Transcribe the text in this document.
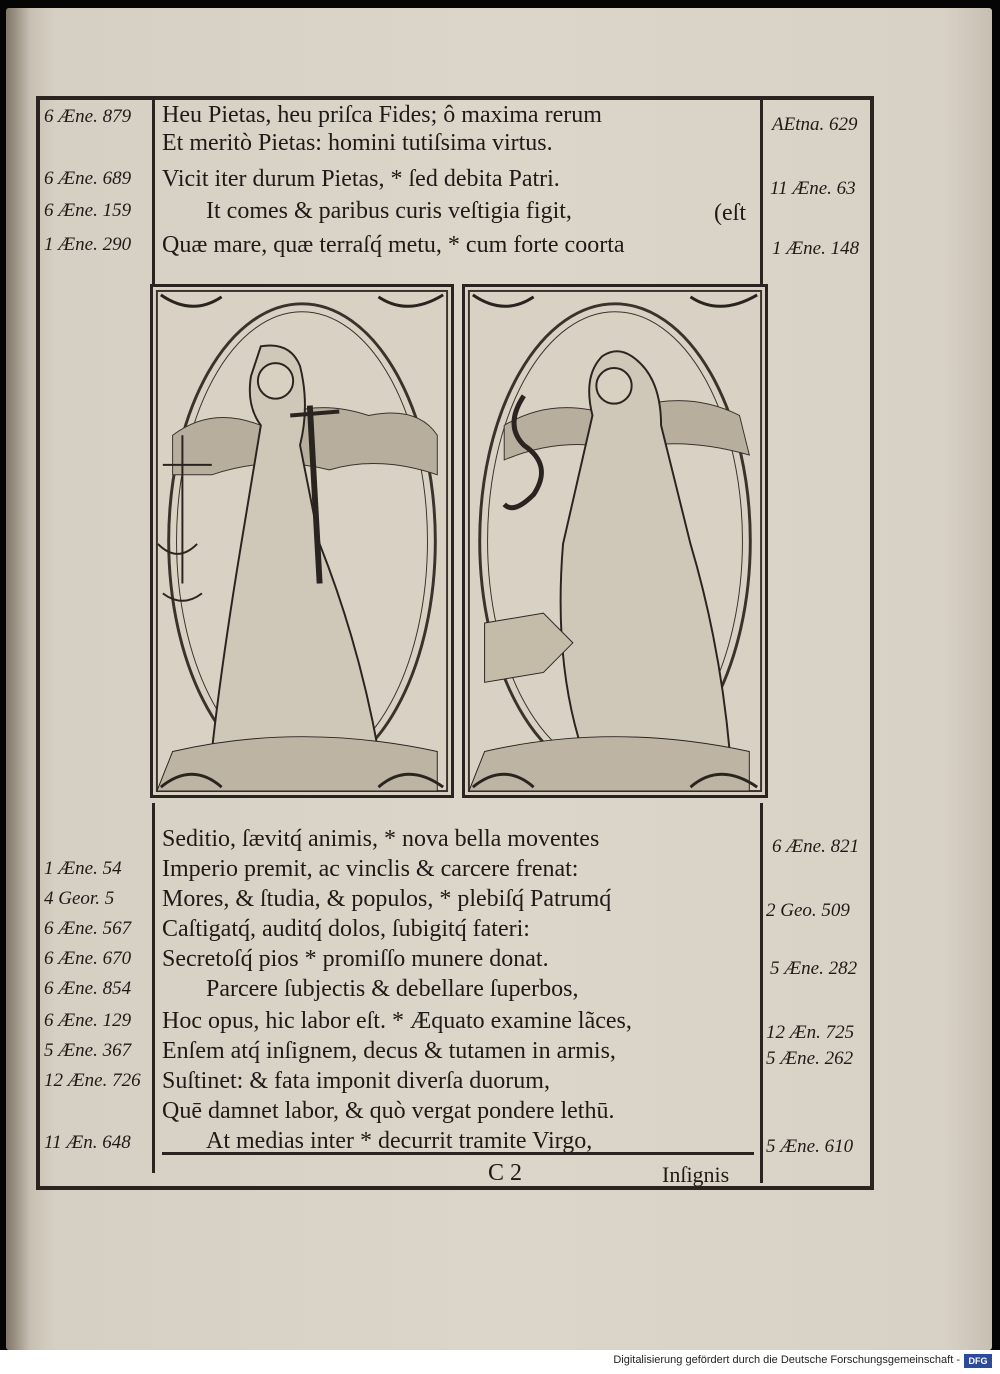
Heu Pietas, heu priſca Fides; ô maxima rerum
Et meritò Pietas: homini tutiſsima virtus.
Vicit iter durum Pietas, * ſed debita Patri.
It comes & paribus curis veſtigia figit,	(eſt
Quæ mare, quæ terraſq́ metu, * cum forte coorta
6 Æne. 879
6 Æne. 689
6 Æne. 159
1 Æne. 290
AEtna. 629
11 Æne. 63
1 Æne. 148
Seditio, ſævitq́ animis, * nova bella moventes
Imperio premit, ac vinclis & carcere frenat:
Mores, & ſtudia, & populos, * plebiſq́ Patrumq́
Caſtigatq́, auditq́ dolos, ſubigitq́ fateri:
Secretoſq́ pios * promiſſo munere donat.
Parcere ſubjectis & debellare ſuperbos,
Hoc opus, hic labor eſt. * Æquato examine lãces,
Enſem atq́ inſignem, decus & tutamen in armis,
Suſtinet: & fata imponit diverſa duorum,
Quē damnet labor, & quò vergat pondere lethū.
At medias inter * decurrit tramite Virgo,
1 Æne. 54
4 Geor. 5
6 Æne. 567
6 Æne. 670
6 Æne. 854
6 Æne. 129
5 Æne. 367
12 Æne. 726
11 Æn. 648
6 Æne. 821
2 Geo. 509
5 Æne. 282
12 Æn. 725
5 Æne. 262
5 Æne. 610
C 2	Inſignis
Digitalisierung gefördert durch die Deutsche Forschungsgemeinschaft - DFG
